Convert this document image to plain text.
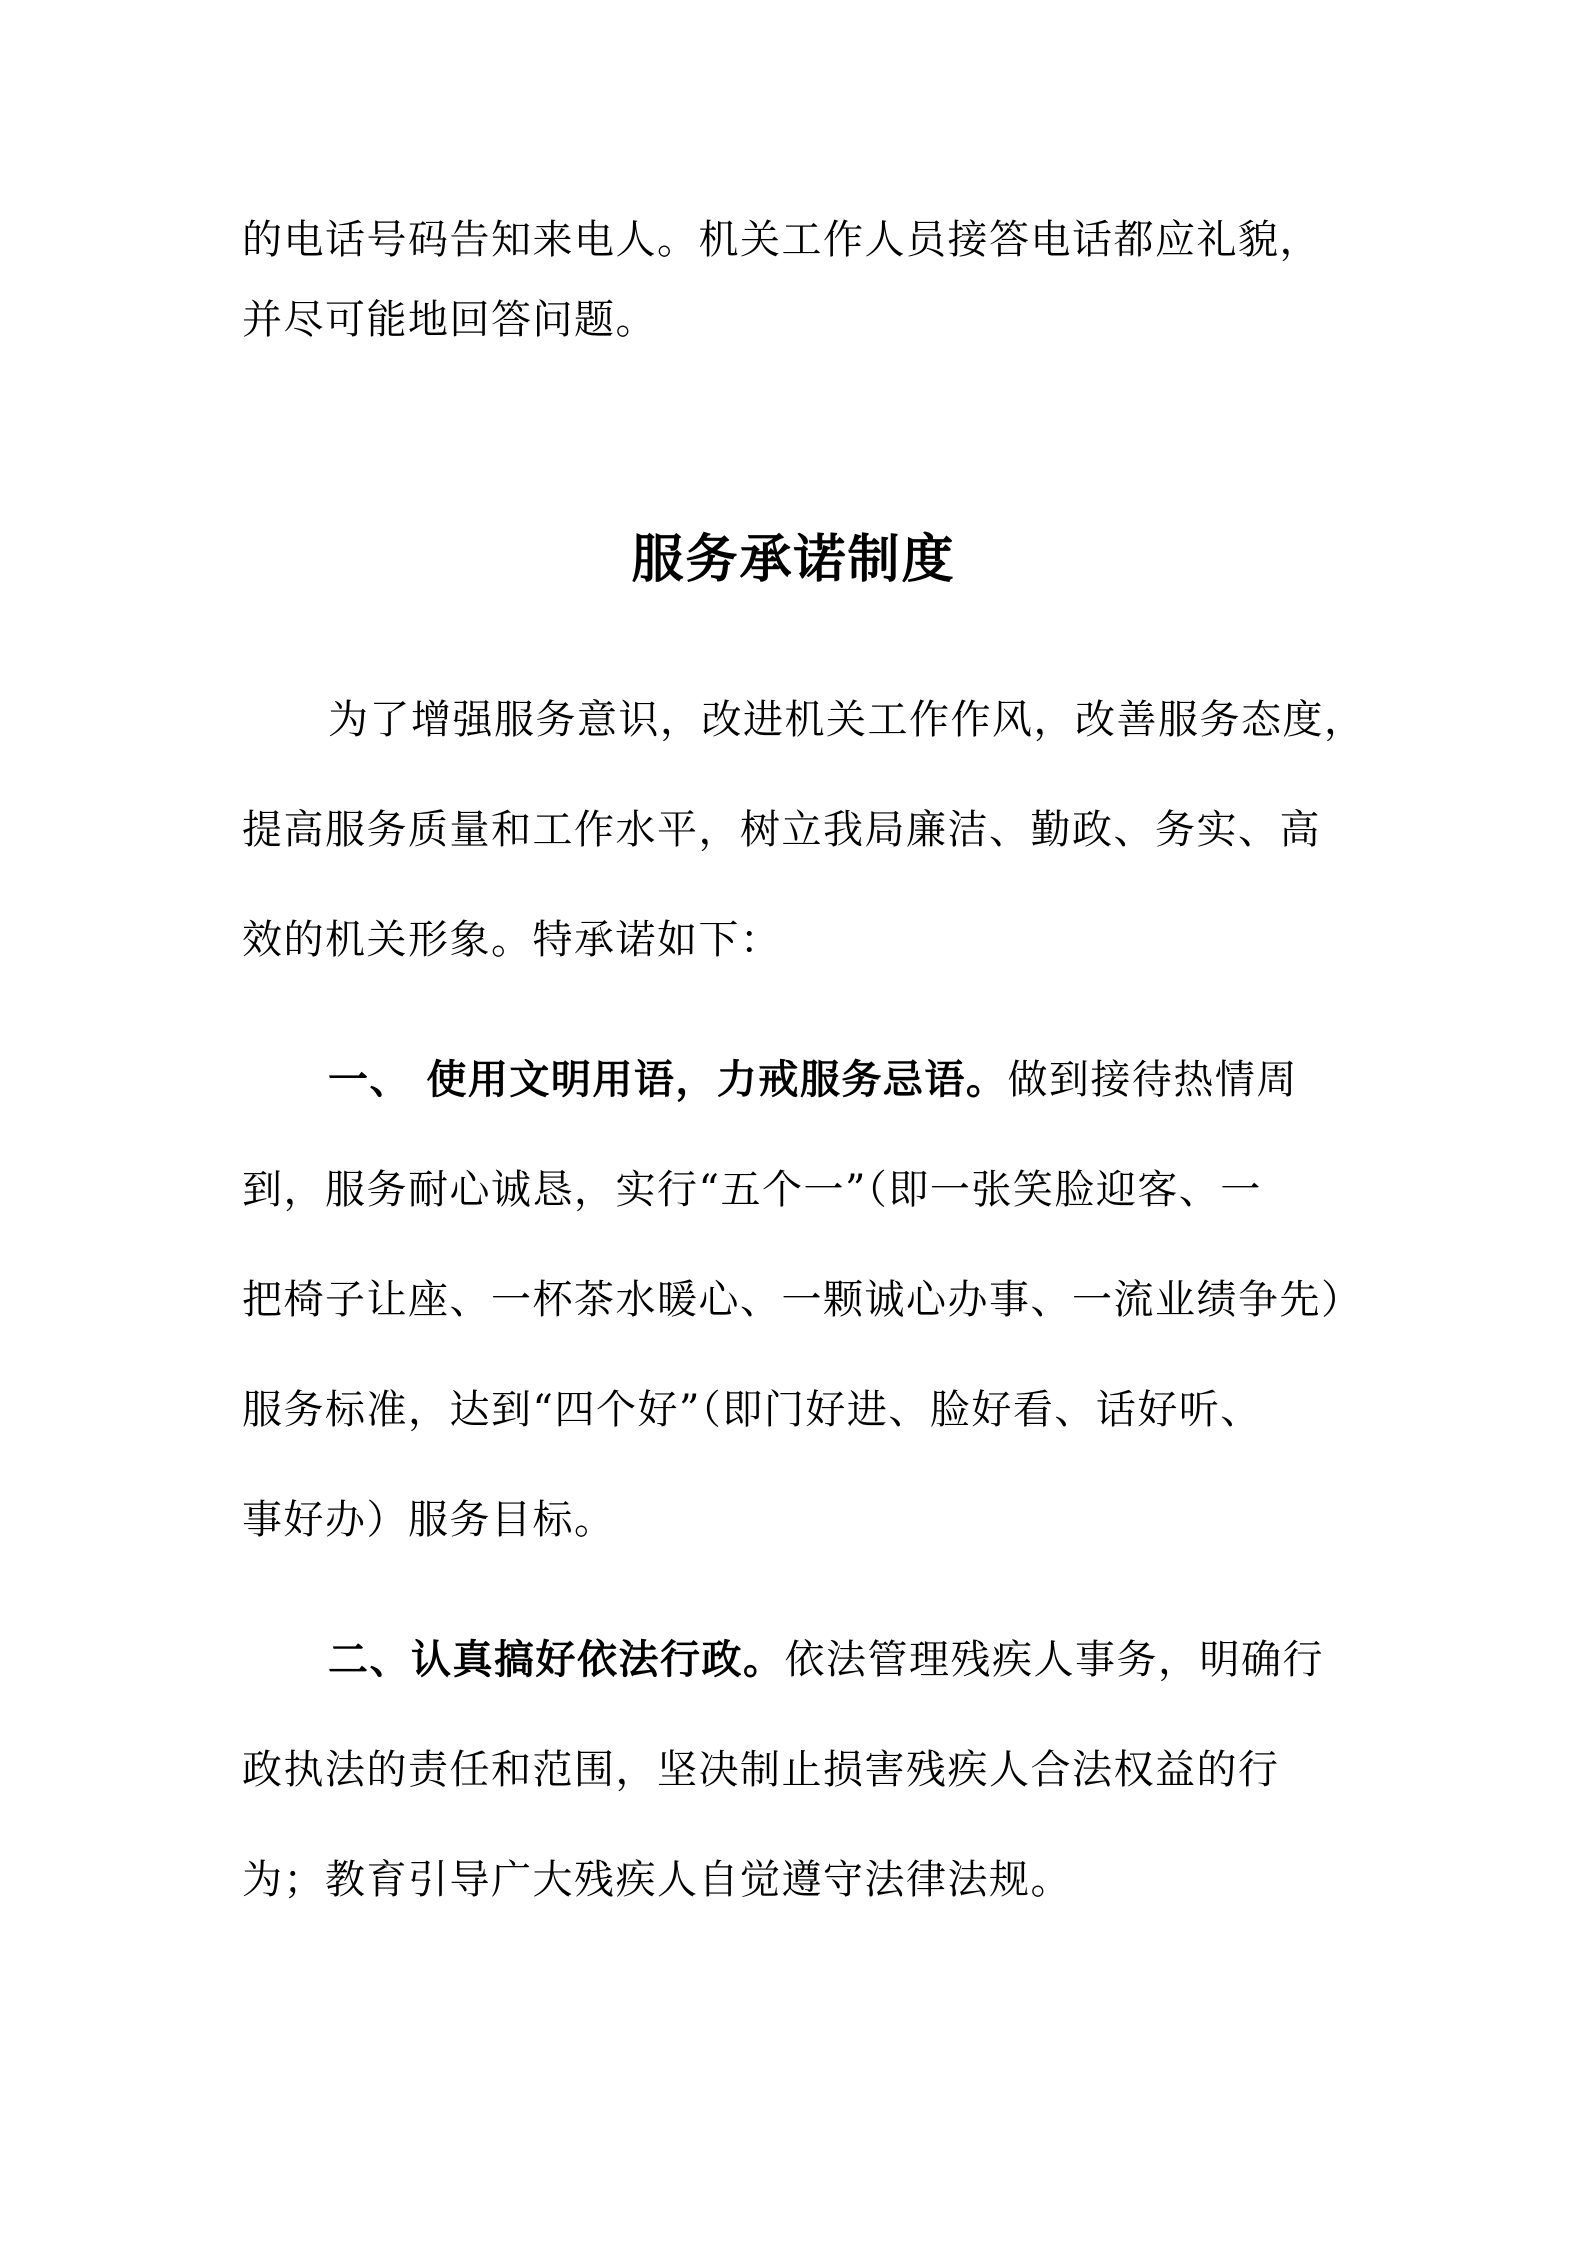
的电话号码告知来电人。机关工作人员接答电话都应礼貌，
并尽可能地回答问题。
服务承诺制度
为了增强服务意识，改进机关工作作风，改善服务态度，
提高服务质量和工作水平，树立我局廉洁、勤政、务实、高
效的机关形象。特承诺如下：
一、 使用文明用语，力戒服务忌语。做到接待热情周
到，服务耐心诚恳，实行“五个一”（即一张笑脸迎客、一
把椅子让座、一杯茶水暖心、一颗诚心办事、一流业绩争先）
服务标准，达到“四个好”（即门好进、脸好看、话好听、
事好办）服务目标。
二、认真搞好依法行政。依法管理残疾人事务，明确行
政执法的责任和范围，坚决制止损害残疾人合法权益的行
为；教育引导广大残疾人自觉遵守法律法规。
